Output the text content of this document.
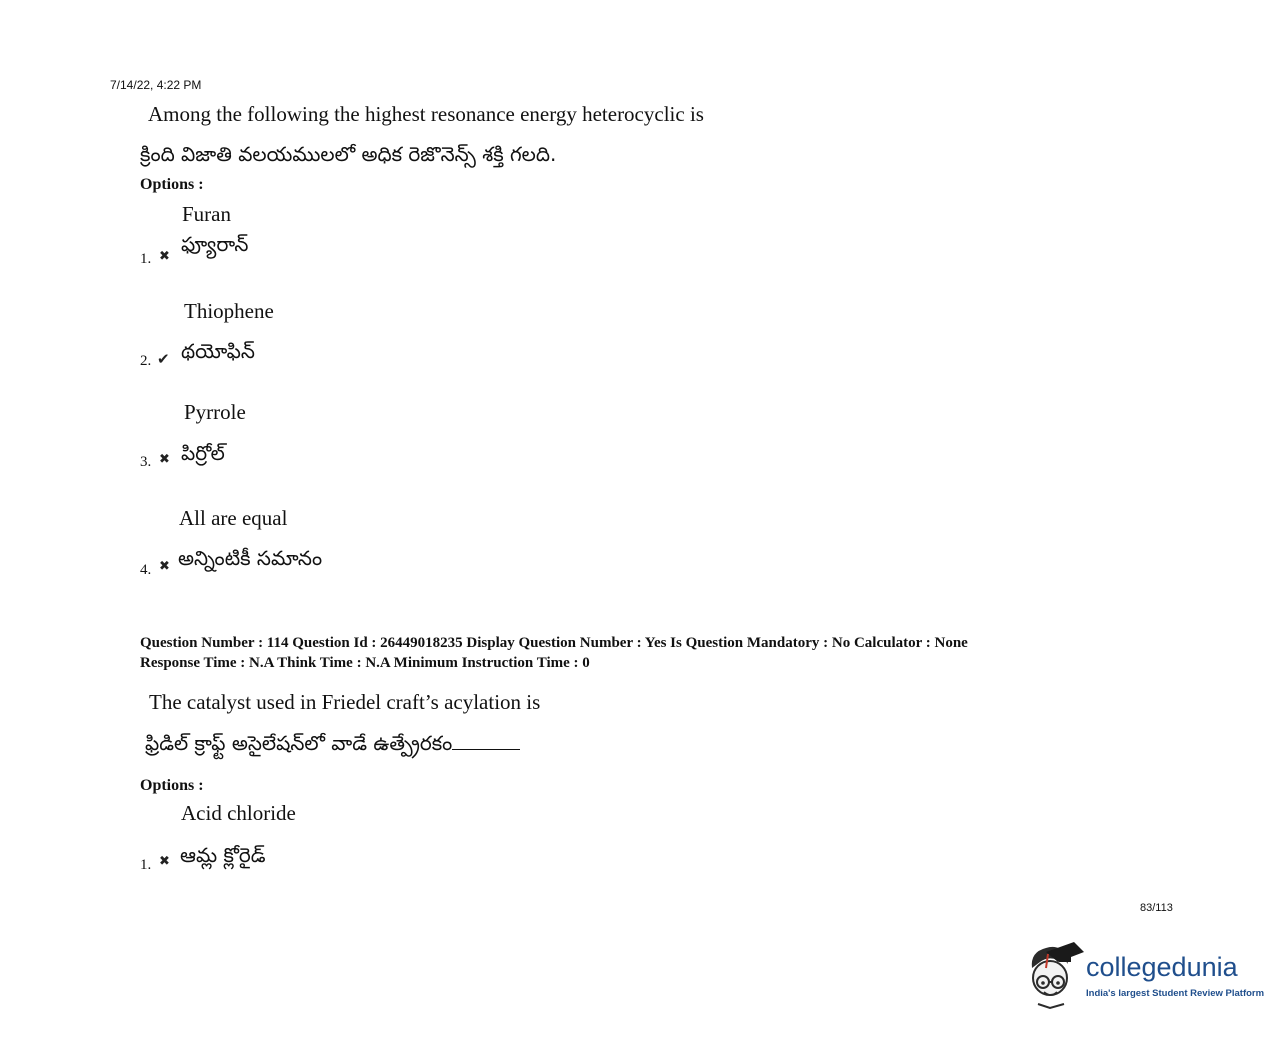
7/14/22, 4:22 PM
Among the following the highest resonance energy heterocyclic is
క్రింది విజాతి వలయములలో అధిక రెజొనెన్స్ శక్తి గలది.
Options :
Furan
ఫ్యూరాన్
1. ✖
Thiophene
థయోఫిన్
2. ✔
Pyrrole
పిర్రోల్
3. ✖
All are equal
అన్నింటికీ సమానం
4. ✖
Question Number : 114 Question Id : 26449018235 Display Question Number : Yes Is Question Mandatory : No Calculator : None
Response Time : N.A Think Time : N.A Minimum Instruction Time : 0
The catalyst used in Friedel craft’s acylation is
ఫ్రిడిల్ క్రాఫ్ట్ అసైలేషన్‌లో వాడే ఉత్ప్రేరకం
Options :
Acid chloride
ఆమ్ల క్లోరైడ్
1. ✖
83/113
collegedunia
India's largest Student Review Platform
